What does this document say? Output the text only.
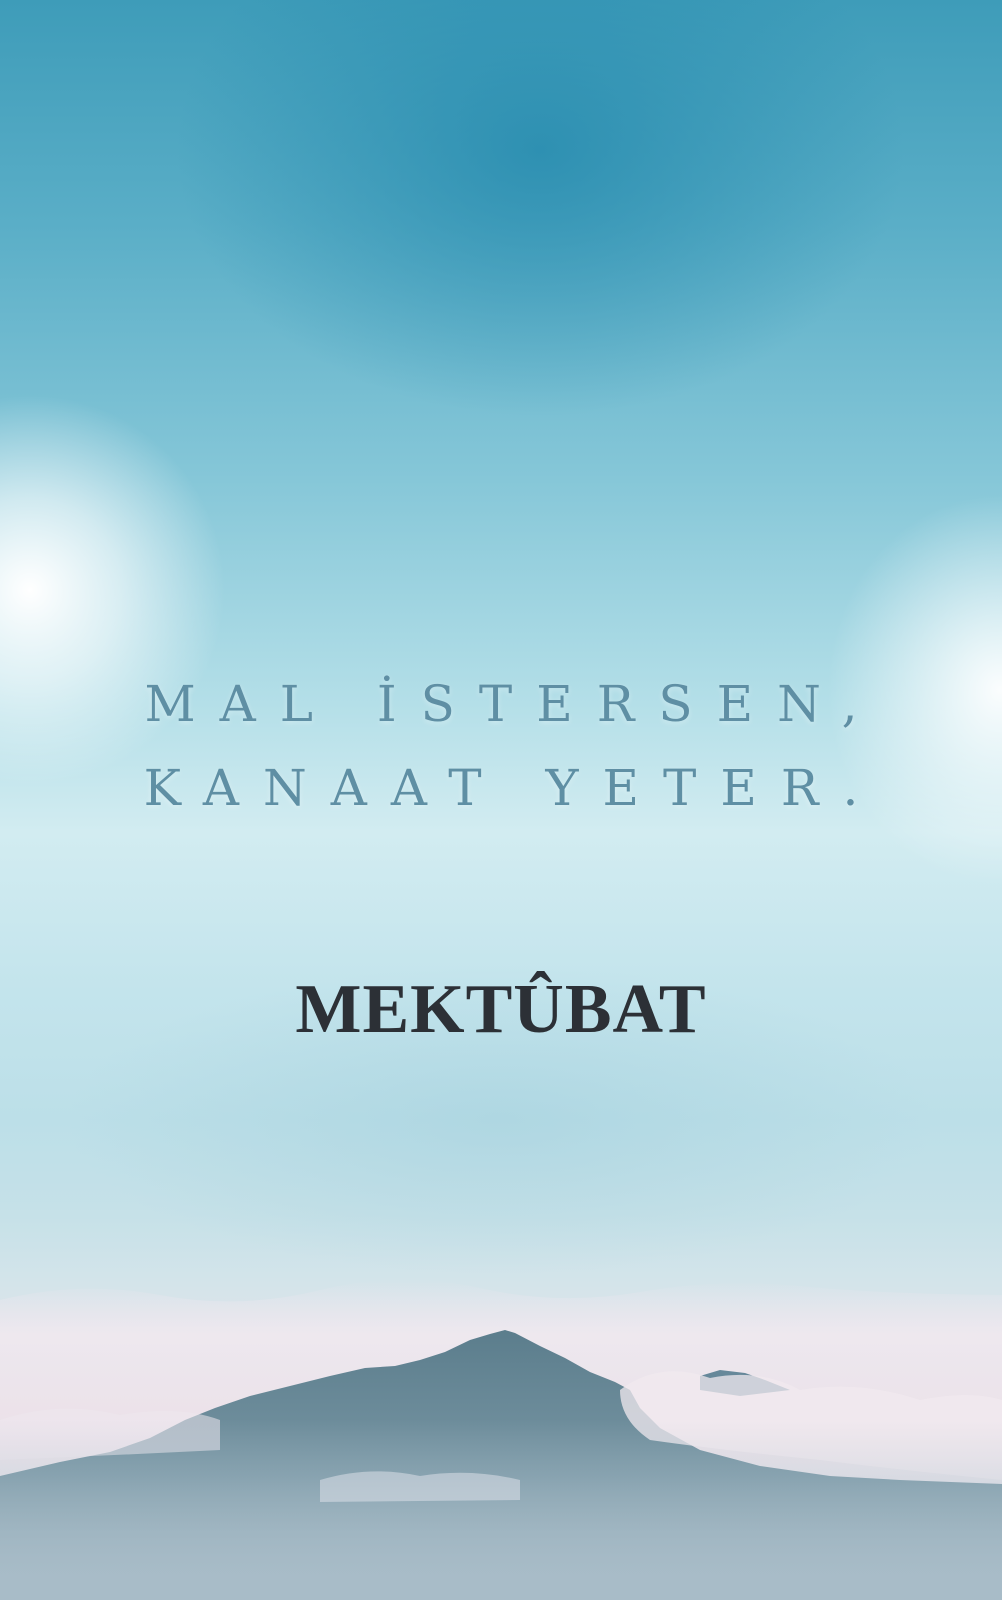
MAL İSTERSEN,
KANAAT YETER.
MEKTÛBAT
